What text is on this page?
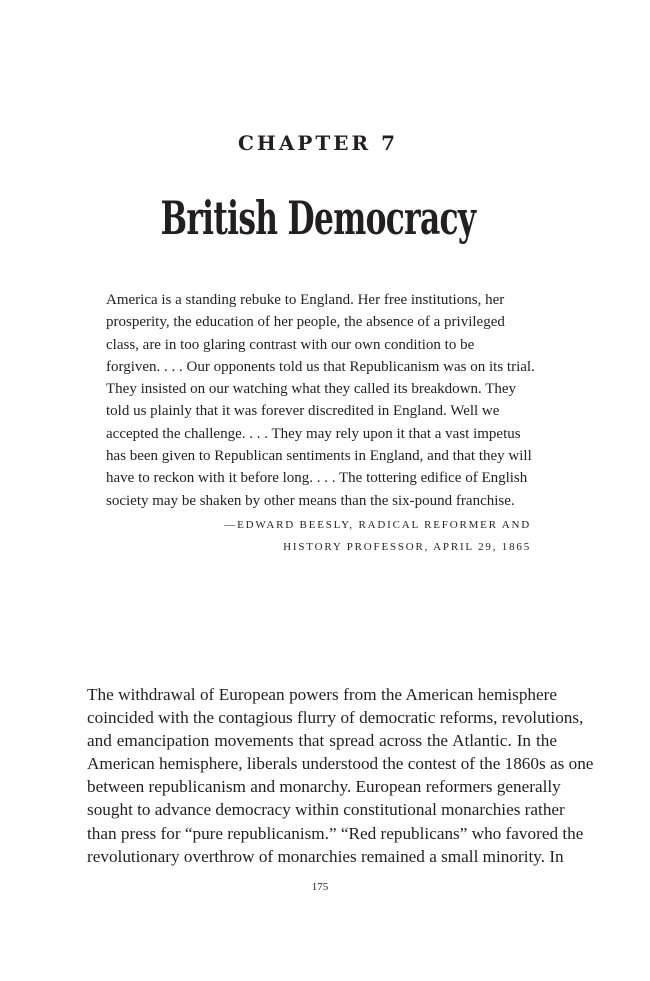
CHAPTER 7
British Democracy
America is a standing rebuke to England. Her free institutions, her
prosperity, the education of her people, the absence of a privileged
class, are in too glaring contrast with our own condition to be
forgiven. . . . Our opponents told us that Republicanism was on its trial.
They insisted on our watching what they called its breakdown. They
told us plainly that it was forever discredited in England. Well we
accepted the challenge. . . . They may rely upon it that a vast impetus
has been given to Republican sentiments in England, and that they will
have to reckon with it before long. . . . The tottering edifice of English
society may be shaken by other means than the six-pound franchise.
—EDWARD BEESLY, RADICAL REFORMER AND
HISTORY PROFESSOR, APRIL 29, 1865
The withdrawal of European powers from the American hemisphere
coincided with the contagious flurry of democratic reforms, revolutions,
and emancipation movements that spread across the Atlantic. In the
American hemisphere, liberals understood the contest of the 1860s as one
between republicanism and monarchy. European reformers generally
sought to advance democracy within constitutional monarchies rather
than press for “pure republicanism.” “Red republicans” who favored the
revolutionary overthrow of monarchies remained a small minority. In
175
